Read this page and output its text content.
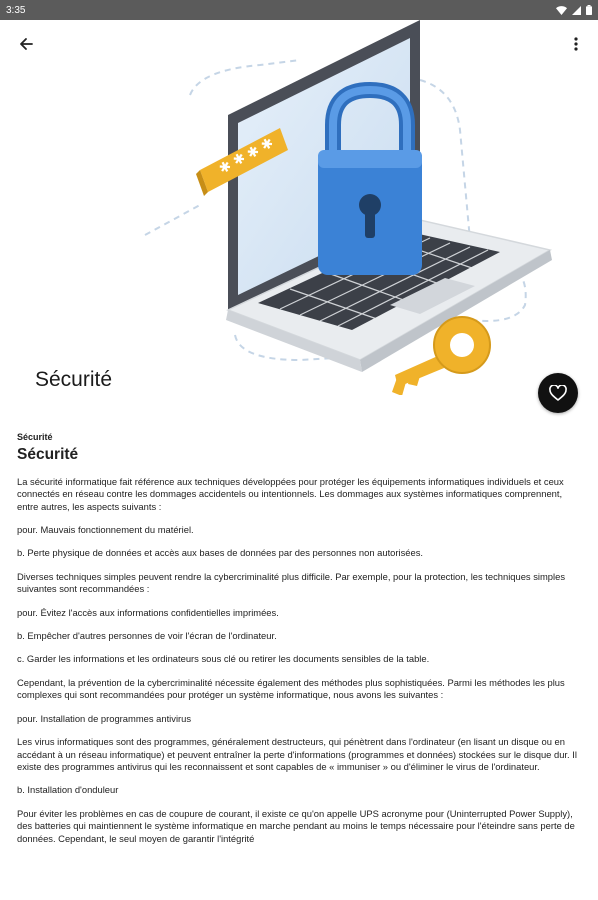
3:35
✱
✱
✱
✱
Sécurité
Sécurité
Sécurité

La sécurité informatique fait référence aux techniques développées pour protéger les équipements informatiques individuels et ceux connectés en réseau contre les dommages accidentels ou intentionnels. Les dommages aux systèmes informatiques comprennent, entre autres, les aspects suivants :

pour. Mauvais fonctionnement du matériel.

b. Perte physique de données et accès aux bases de données par des personnes non autorisées.

Diverses techniques simples peuvent rendre la cybercriminalité plus difficile. Par exemple, pour la protection, les techniques simples suivantes sont recommandées :

pour. Évitez l'accès aux informations confidentielles imprimées.

b. Empêcher d'autres personnes de voir l'écran de l'ordinateur.

c. Garder les informations et les ordinateurs sous clé ou retirer les documents sensibles de la table.

Cependant, la prévention de la cybercriminalité nécessite également des méthodes plus sophistiquées. Parmi les méthodes les plus complexes qui sont recommandées pour protéger un système informatique, nous avons les suivantes :

pour. Installation de programmes antivirus

Les virus informatiques sont des programmes, généralement destructeurs, qui pénètrent dans l'ordinateur (en lisant un disque ou en accédant à un réseau informatique) et peuvent entraîner la perte d'informations (programmes et données) stockées sur le disque dur. Il existe des programmes antivirus qui les reconnaissent et sont capables de « immuniser » ou d'éliminer le virus de l'ordinateur.

b. Installation d'onduleur

Pour éviter les problèmes en cas de coupure de courant, il existe ce qu'on appelle UPS acronyme pour (Uninterrupted Power Supply), des batteries qui maintiennent le système informatique en marche pendant au moins le temps nécessaire pour l'éteindre sans perte de données. Cependant, le seul moyen de garantir l'intégrité
